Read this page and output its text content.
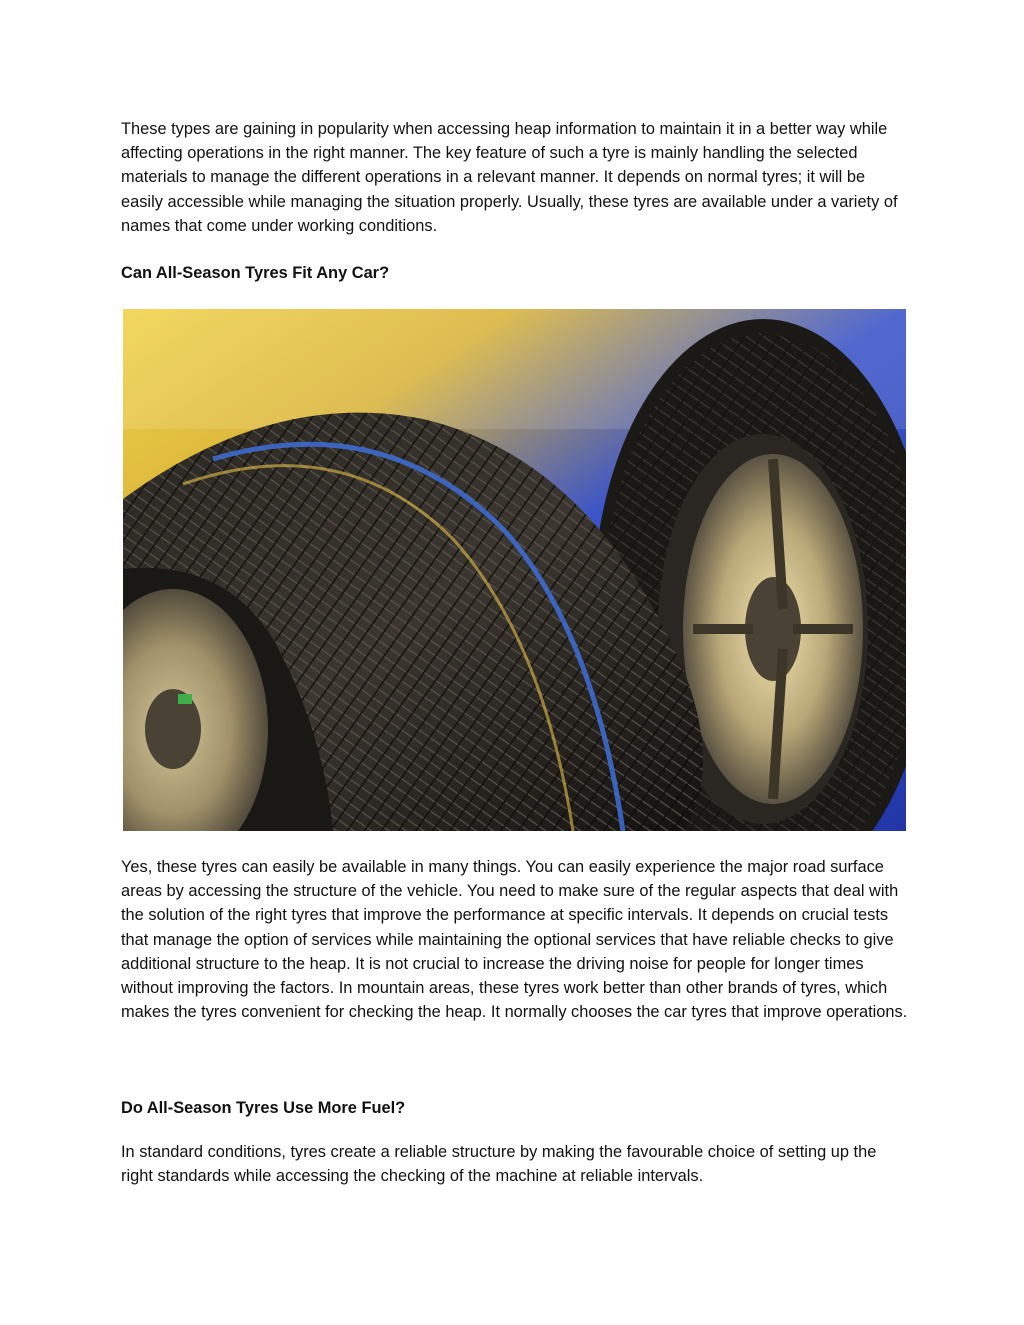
These types are gaining in popularity when accessing heap information to maintain it in a better way while affecting operations in the right manner. The key feature of such a tyre is mainly handling the selected materials to manage the different operations in a relevant manner. It depends on normal tyres; it will be easily accessible while managing the situation properly. Usually, these tyres are available under a variety of names that come under working conditions.

Can All-Season Tyres Fit Any Car?

Yes, these tyres can easily be available in many things. You can easily experience the major road surface areas by accessing the structure of the vehicle. You need to make sure of the regular aspects that deal with the solution of the right tyres that improve the performance at specific intervals. It depends on crucial tests that manage the option of services while maintaining the optional services that have reliable checks to give additional structure to the heap. It is not crucial to increase the driving noise for people for longer times without improving the factors. In mountain areas, these tyres work better than other brands of tyres, which makes the tyres convenient for checking the heap. It normally chooses the car tyres that improve operations.

Do All-Season Tyres Use More Fuel?

In standard conditions, tyres create a reliable structure by making the favourable choice of setting up the right standards while accessing the checking of the machine at reliable intervals.
